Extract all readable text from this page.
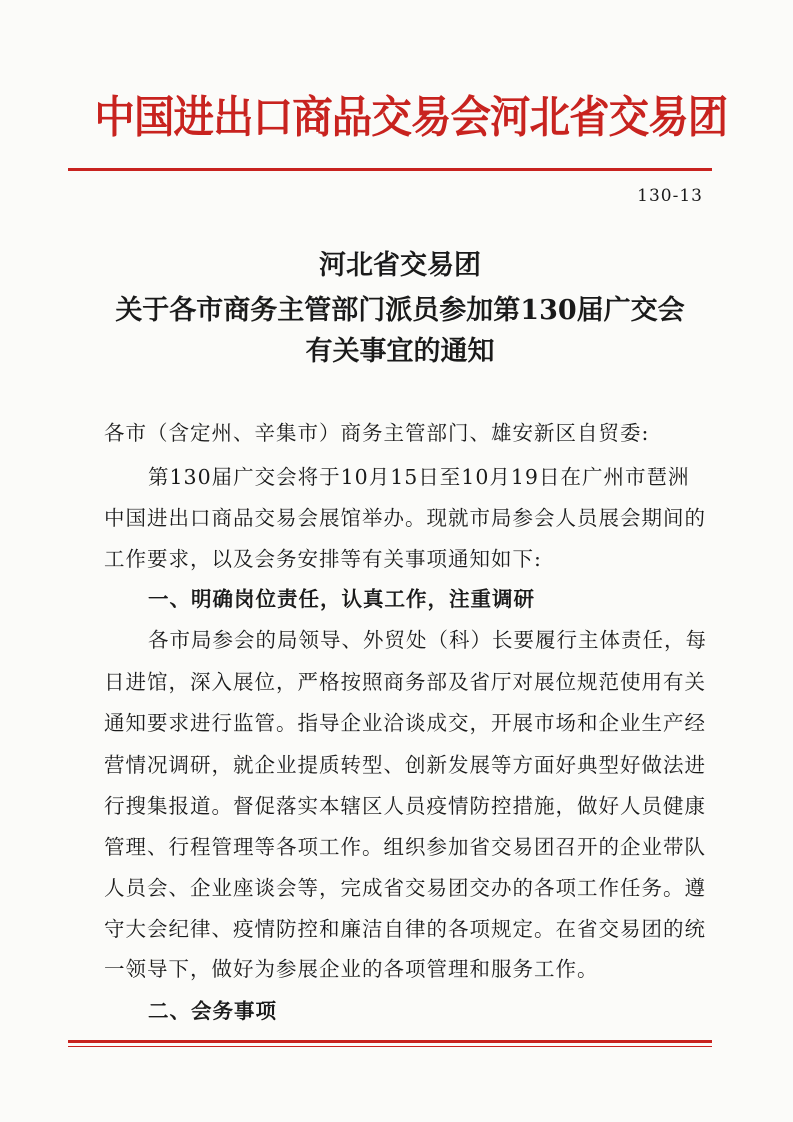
中国进出口商品交易会河北省交易团
130-13
河北省交易团
关于各市商务主管部门派员参加第130届广交会
有关事宜的通知
各市（含定州、辛集市）商务主管部门、雄安新区自贸委:
第130届广交会将于10月15日至10月19日在广州市琶洲
中国进出口商品交易会展馆举办。现就市局参会人员展会期间的
工作要求，以及会务安排等有关事项通知如下:
一、明确岗位责任，认真工作，注重调研
各市局参会的局领导、外贸处（科）长要履行主体责任，每
日进馆，深入展位，严格按照商务部及省厅对展位规范使用有关
通知要求进行监管。指导企业洽谈成交，开展市场和企业生产经
营情况调研，就企业提质转型、创新发展等方面好典型好做法进
行搜集报道。督促落实本辖区人员疫情防控措施，做好人员健康
管理、行程管理等各项工作。组织参加省交易团召开的企业带队
人员会、企业座谈会等，完成省交易团交办的各项工作任务。遵
守大会纪律、疫情防控和廉洁自律的各项规定。在省交易团的统
一领导下，做好为参展企业的各项管理和服务工作。
二、会务事项
